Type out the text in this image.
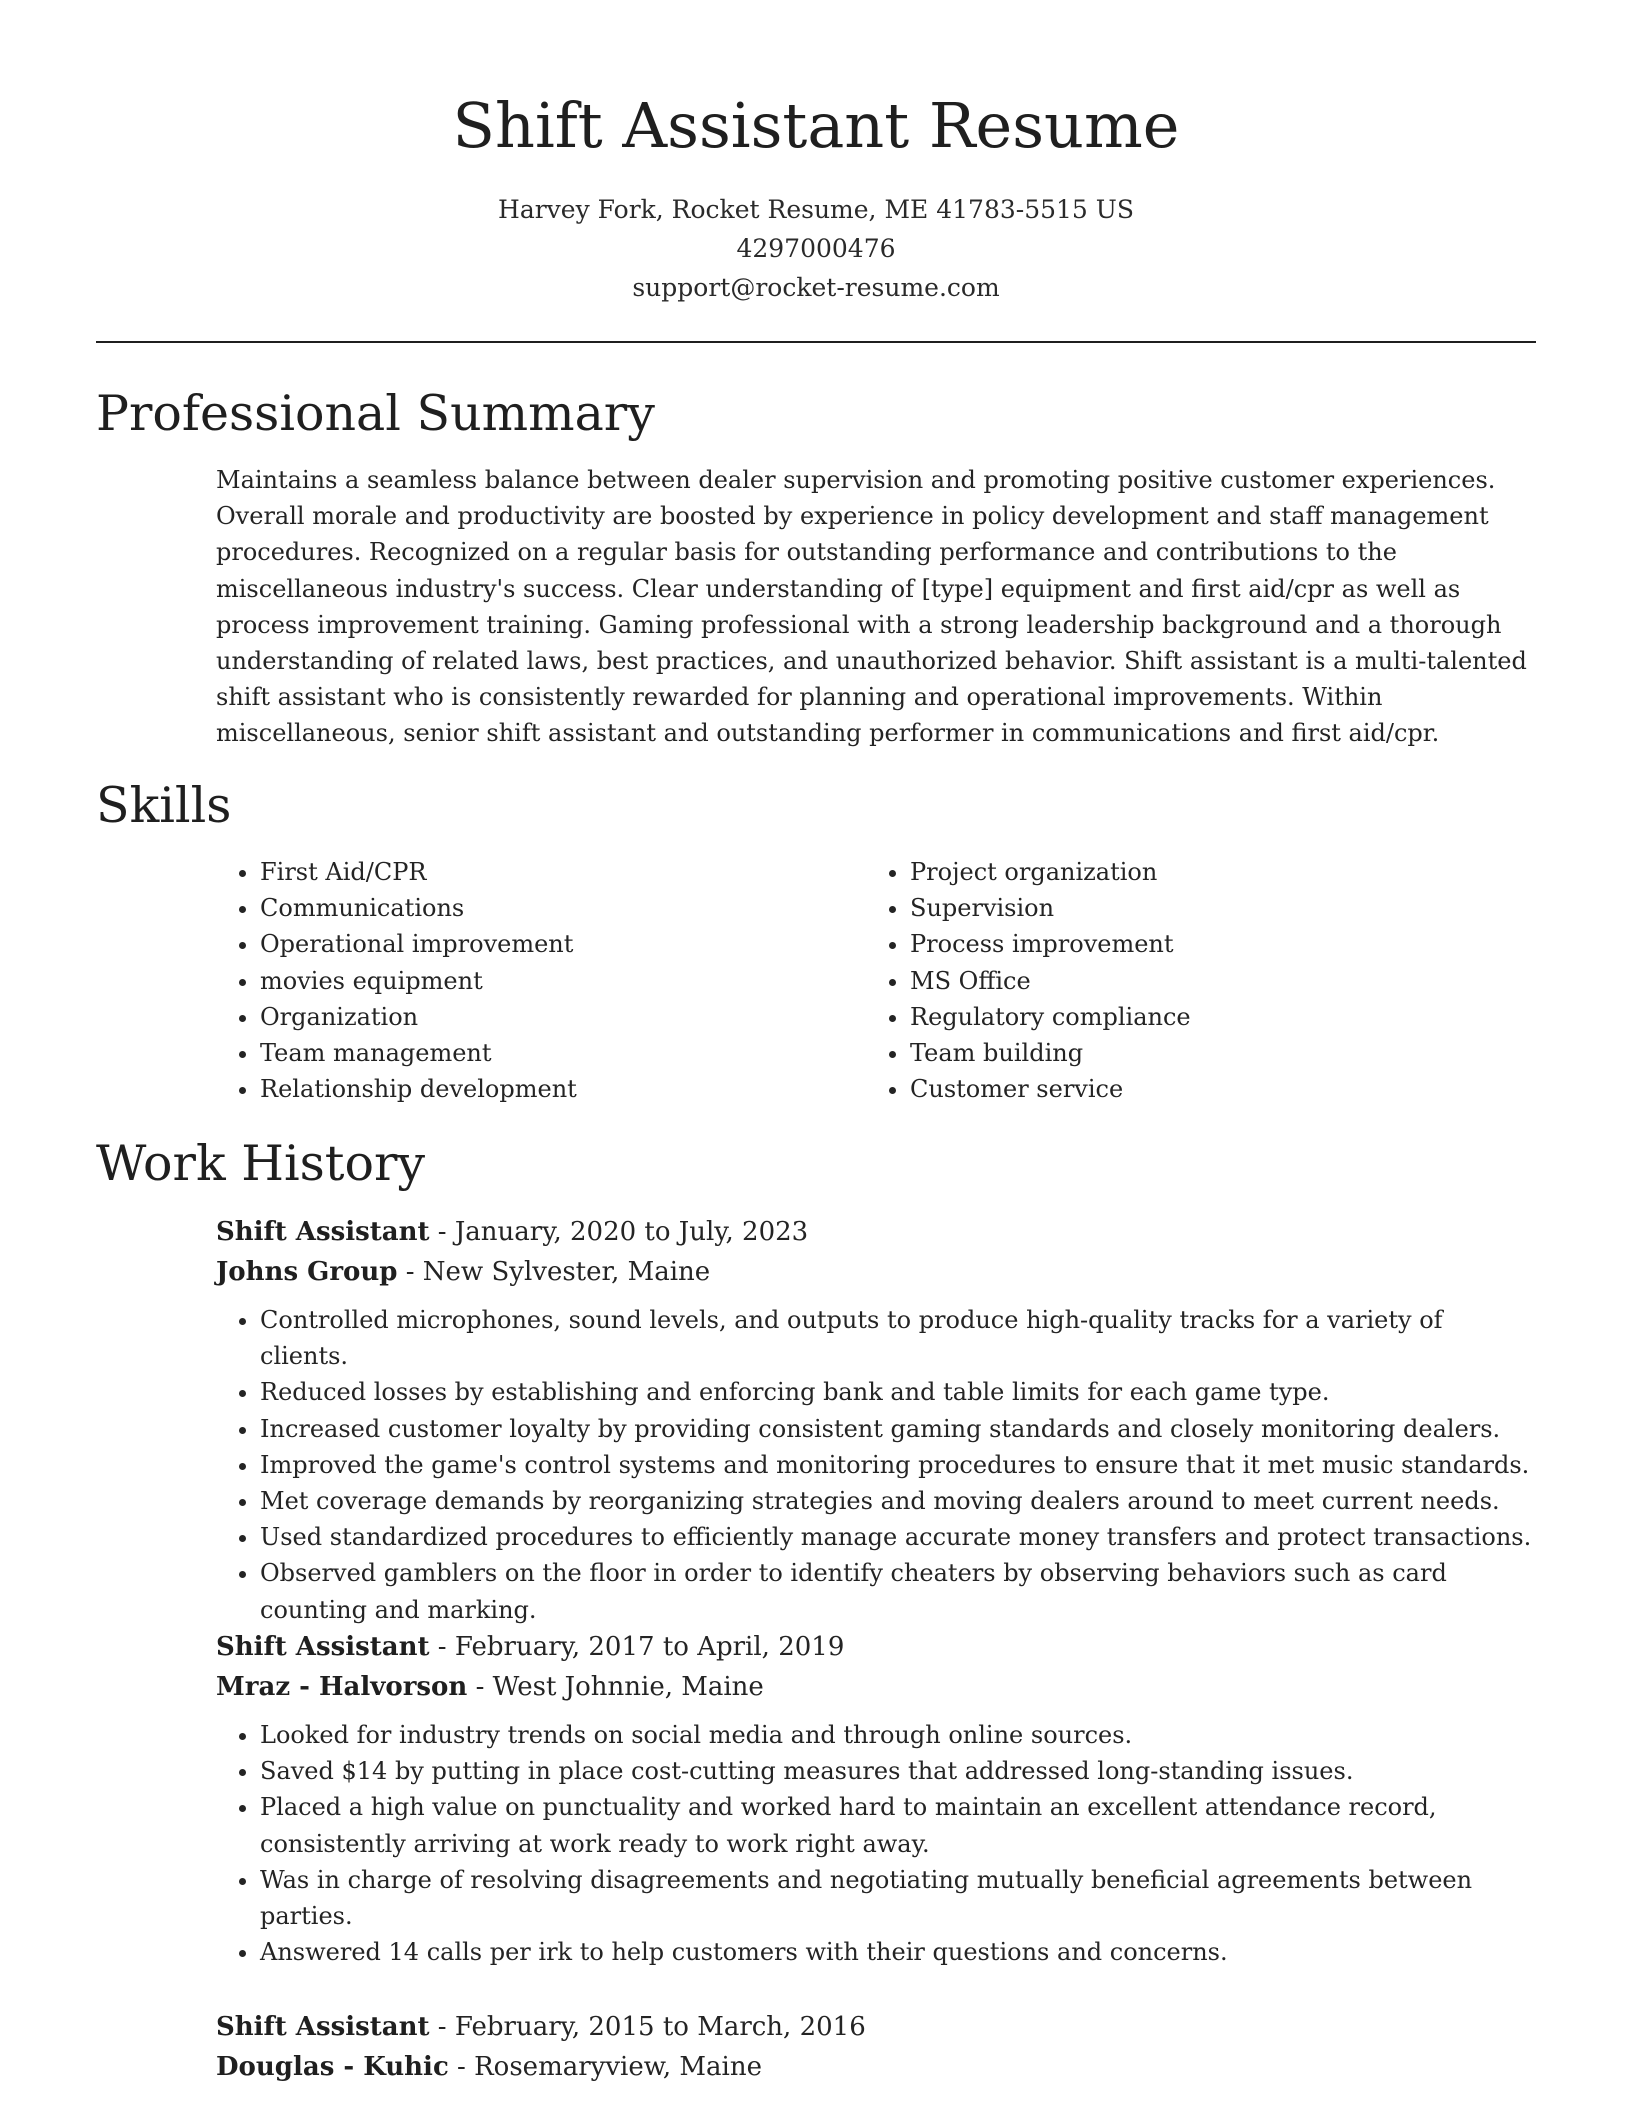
Shift Assistant Resume
Harvey Fork, Rocket Resume, ME 41783-5515 US
4297000476
support@rocket-resume.com
Professional Summary

Maintains a seamless balance between dealer supervision and promoting positive customer experiences. Overall morale and productivity are boosted by experience in policy development and staff management procedures. Recognized on a regular basis for outstanding performance and contributions to the miscellaneous industry's success. Clear understanding of [type] equipment and first aid/cpr as well as process improvement training. Gaming professional with a strong leadership background and a thorough understanding of related laws, best practices, and unauthorized behavior. Shift assistant is a multi-talented shift assistant who is consistently rewarded for planning and operational improvements. Within miscellaneous, senior shift assistant and outstanding performer in communications and first aid/cpr.

Skills
• First Aid/CPR
• Communications
• Operational improvement
• movies equipment
• Organization
• Team management
• Relationship development
• Project organization
• Supervision
• Process improvement
• MS Office
• Regulatory compliance
• Team building
• Customer service
Work History
Shift Assistant - January, 2020 to July, 2023
Johns Group - New Sylvester, Maine
• Controlled microphones, sound levels, and outputs to produce high-quality tracks for a variety of clients.
• Reduced losses by establishing and enforcing bank and table limits for each game type.
• Increased customer loyalty by providing consistent gaming standards and closely monitoring dealers.
• Improved the game's control systems and monitoring procedures to ensure that it met music standards.
• Met coverage demands by reorganizing strategies and moving dealers around to meet current needs.
• Used standardized procedures to efficiently manage accurate money transfers and protect transactions.
• Observed gamblers on the floor in order to identify cheaters by observing behaviors such as card counting and marking.
Shift Assistant - February, 2017 to April, 2019
Mraz - Halvorson - West Johnnie, Maine
• Looked for industry trends on social media and through online sources.
• Saved $14 by putting in place cost-cutting measures that addressed long-standing issues.
• Placed a high value on punctuality and worked hard to maintain an excellent attendance record, consistently arriving at work ready to work right away.
• Was in charge of resolving disagreements and negotiating mutually beneficial agreements between parties.
• Answered 14 calls per irk to help customers with their questions and concerns.
Shift Assistant - February, 2015 to March, 2016
Douglas - Kuhic - Rosemaryview, Maine
